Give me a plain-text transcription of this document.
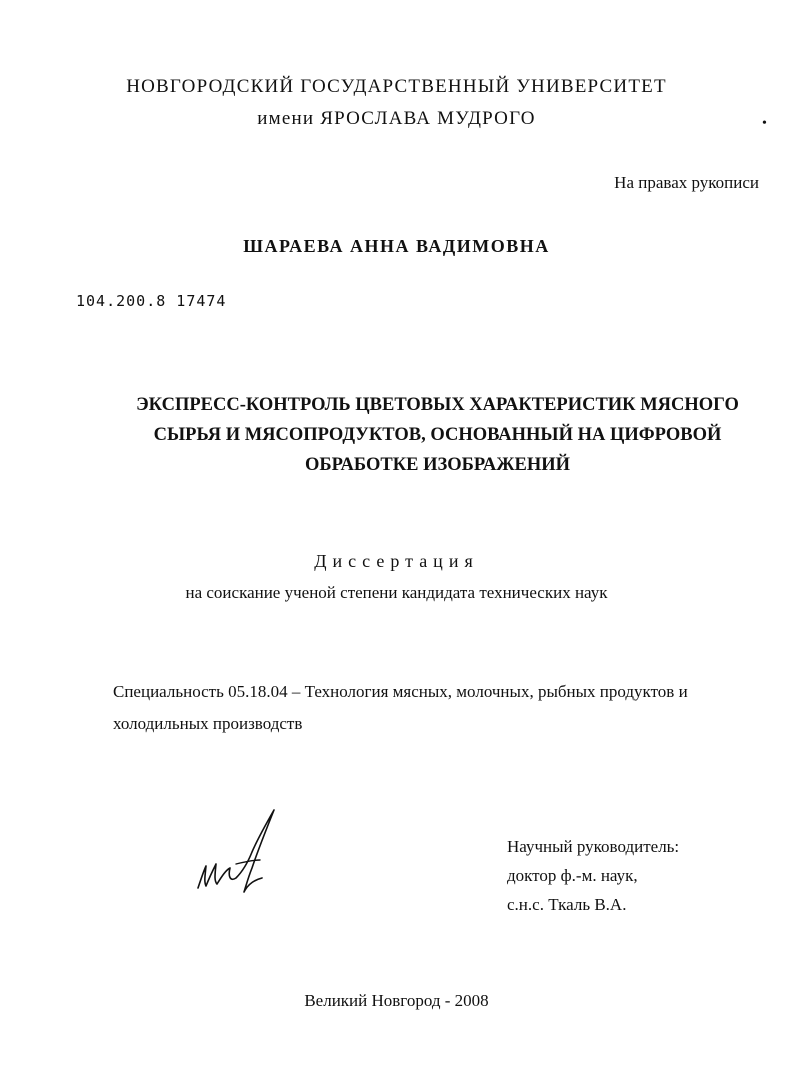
НОВГОРОДСКИЙ ГОСУДАРСТВЕННЫЙ УНИВЕРСИТЕТ
имени ЯРОСЛАВА МУДРОГО	•
На правах рукописи
ШАРАЕВА АННА ВАДИМОВНА
104.200.8 17474
ЭКСПРЕСС-КОНТРОЛЬ ЦВЕТОВЫХ ХАРАКТЕРИСТИК МЯСНОГО
СЫРЬЯ И МЯСОПРОДУКТОВ, ОСНОВАННЫЙ НА ЦИФРОВОЙ
ОБРАБОТКЕ ИЗОБРАЖЕНИЙ
Диссертация
на соискание ученой степени кандидата технических наук
Специальность 05.18.04 – Технология мясных, молочных, рыбных продуктов и
холодильных производств
Научный руководитель:
доктор ф.-м. наук,
с.н.с. Ткаль В.А.
Великий Новгород - 2008
